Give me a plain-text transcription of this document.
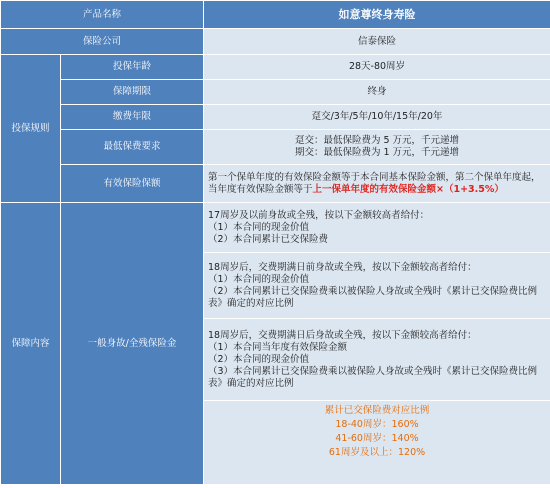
产品名称		如意尊终身寿险
保险公司		信泰保险
投保规则	投保年龄	28天-80周岁
	保障期限	终身
	缴费年限	趸交/3年/5年/10年/15年/20年
	最低保费要求	趸交：最低保险费为 5 万元，千元递增
期交：最低保险费为 1 万元，千元递增

	有效保险保额	第一个保单年度的有效保险金额等于本合同基本保险金额，第二个保单年度起，
当年度有效保险金额等于上一保单年度的有效保险金额×（1+3.5%）

保障内容	一般身故/全残保险金	17周岁及以前身故或全残，按以下金额较高者给付：
（1）本合同的现金价值
（2）本合同累计已交保险费

		18周岁后，交费期满日前身故或全残，按以下金额较高者给付：
（1）本合同的现金价值
（2）本合同累计已交保险费乘以被保险人身故或全残时《累计已交保险费比例
表》确定的对应比例

		18周岁后，交费期满日后身故或全残，按以下金额较高者给付：
（1）本合同当年度有效保险金额
（2）本合同的现金价值
（3）本合同累计已交保险费乘以被保险人身故或全残时《累计已交保险费比例
表》确定的对应比例

		累计已交保险费对应比例
18-40周岁：160%
41-60周岁：140%
61周岁及以上：120%
